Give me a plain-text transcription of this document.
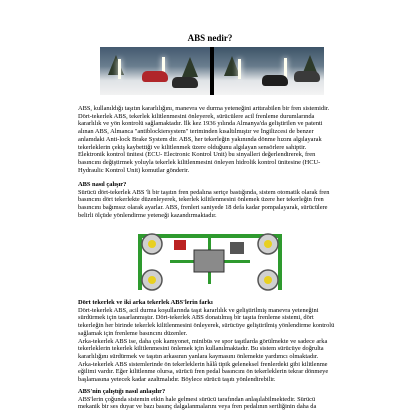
ABS nedir?

ABS, kullanıldığı taşıtın kararlılığını, manevra ve durma yeteneğini arttırabilen bir fren sistemidir.

Dört-tekerlek ABS, tekerlek kilitlenmesini önleyerek, sürücülere acil frenleme durumlarında

kararlılık ve yön kontrolü sağlamaktadır. İlk kez 1936 yılında Almanya'da geliştirilen ve patenti

alınan ABS, Almanca "antiblockiersystem" teriminden kısaltılmıştır ve İngilizcesi de benzer

anlamdaki Anti-lock Brake System dir. ABS, her tekerleğin yakınında dönme hızını algılayarak

tekerleklerin çekiş kaybettiği ve kilitlenmek üzere olduğunu algılayan sensörlere sahiptir.

Elektronik kontrol ünitesi (ECU- Electronic Kontrol Unit) bu sinyalleri değerlendirerek, fren

basıncını değiştirmek yoluyla tekerlek kilitlenmesini önleyen hidrolik kontrol ünitesine (HCU-

Hydraulic Kontrol Unit) komutlar gönderir.

ABS nasıl çalışır?

Sürücü dört-tekerlek ABS 'li bir taşıtın fren pedalına sertçe bastığında, sistem otomatik olarak fren

basıncını dört tekerlekte düzenleyerek, tekerlek kilitlenmesini önlemek üzere her tekerleğin fren

basıncını bağımsız olarak ayarlar. ABS, frenleri saniyede 18 defa kadar pompalayarak, sürücülere

belirli ölçüde yönlendirme yeteneği kazandırmaktadır.

Dört tekerlek ve iki arka tekerlek ABS'lerin farkı

Dört-tekerlek ABS, acil durma koşullarında taşıt kararlılık ve geliştirilmiş manevra yeteneğini

sürdürmek için tasarlanmıştır. Dört-tekerlek ABS donatılmış bir taşıta frenleme sistemi, dört

tekerleğin her birinde tekerlek kilitlenmesini önleyerek, sürücüye geliştirilmiş yönlendirme kontrolü

sağlamak için frenleme basıncını düzenler.

Arka-tekerlek ABS ise, daha çok kamyonet, minibüs ve spor taşıtlarda görülmekte ve sadece arka

tekerleklerin tekerlek kilitlenmesini önlemek için kullanılmaktadır. Bu sistem sürücüye doğrulta

kararlılığını sürdürmek ve taşıtın arkasının yanlara kaymasını önlemekte yardımcı olmaktadır.

Arka-tekerlek ABS sistemlerinde ön tekerleklerin hâlâ tipik geleneksel frenlerdeki gibi kilitlenme

eğilimi vardır. Eğer kilitlenme olursa, sürücü fren pedal basıncını ön tekerleklerin tekrar dönmeye

başlamasına yetecek kadar azaltmalıdır. Böylece sürücü taşıtı yönlendirebilir.

ABS'nin çalıştığı nasıl anlaşılır?

ABS'lerin çoğunda sistemin etkin hale gelmesi sürücü tarafından anlaşılabilmektedir. Sürücü

mekanik bir ses duyar ve bazı basınç dalgalanmalarını veya fren pedalının sertliğinin daha da
